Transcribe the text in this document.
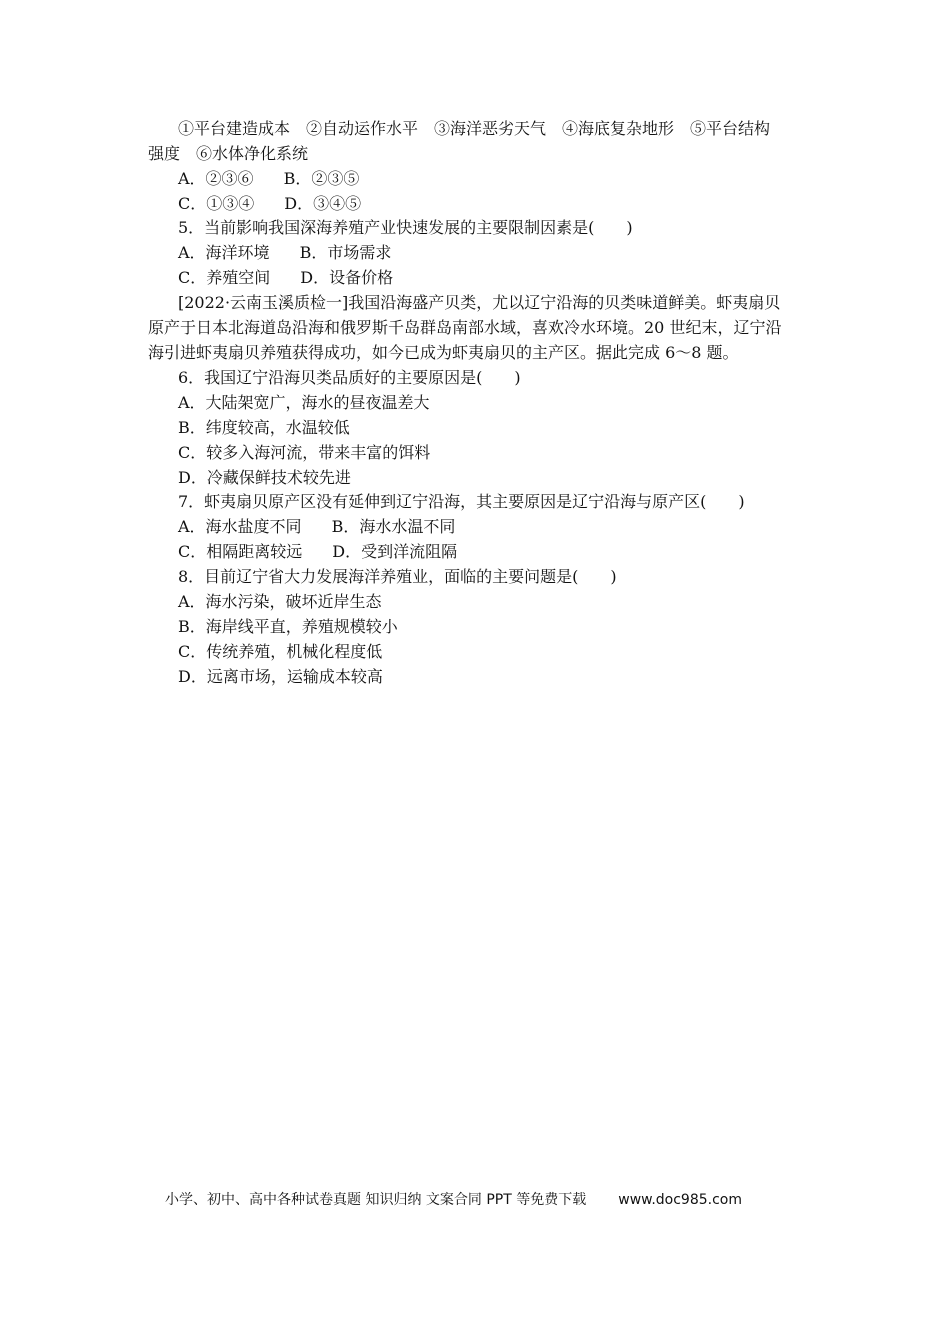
①平台建造成本　②自动运作水平　③海洋恶劣天气　④海底复杂地形　⑤平台结构
强度　⑥水体净化系统
A．②③⑥ B．②③⑤
C．①③④ D．③④⑤
5．当前影响我国深海养殖产业快速发展的主要限制因素是(　　)
A．海洋环境 B．市场需求
C．养殖空间 D．设备价格
[2022·云南玉溪质检一]我国沿海盛产贝类，尤以辽宁沿海的贝类味道鲜美。虾夷扇贝
原产于日本北海道岛沿海和俄罗斯千岛群岛南部水域，喜欢冷水环境。20 世纪末，辽宁沿
海引进虾夷扇贝养殖获得成功，如今已成为虾夷扇贝的主产区。据此完成 6～8 题。
6．我国辽宁沿海贝类品质好的主要原因是(　　)
A．大陆架宽广，海水的昼夜温差大
B．纬度较高，水温较低
C．较多入海河流，带来丰富的饵料
D．冷藏保鲜技术较先进
7．虾夷扇贝原产区没有延伸到辽宁沿海，其主要原因是辽宁沿海与原产区(　　)
A．海水盐度不同 B．海水水温不同
C．相隔距离较远 D．受到洋流阻隔
8．目前辽宁省大力发展海洋养殖业，面临的主要问题是(　　)
A．海水污染，破坏近岸生态
B．海岸线平直，养殖规模较小
C．传统养殖，机械化程度低
D．远离市场，运输成本较高
小学、初中、高中各种试卷真题 知识归纳 文案合同 PPT 等免费下载 www.doc985.com
